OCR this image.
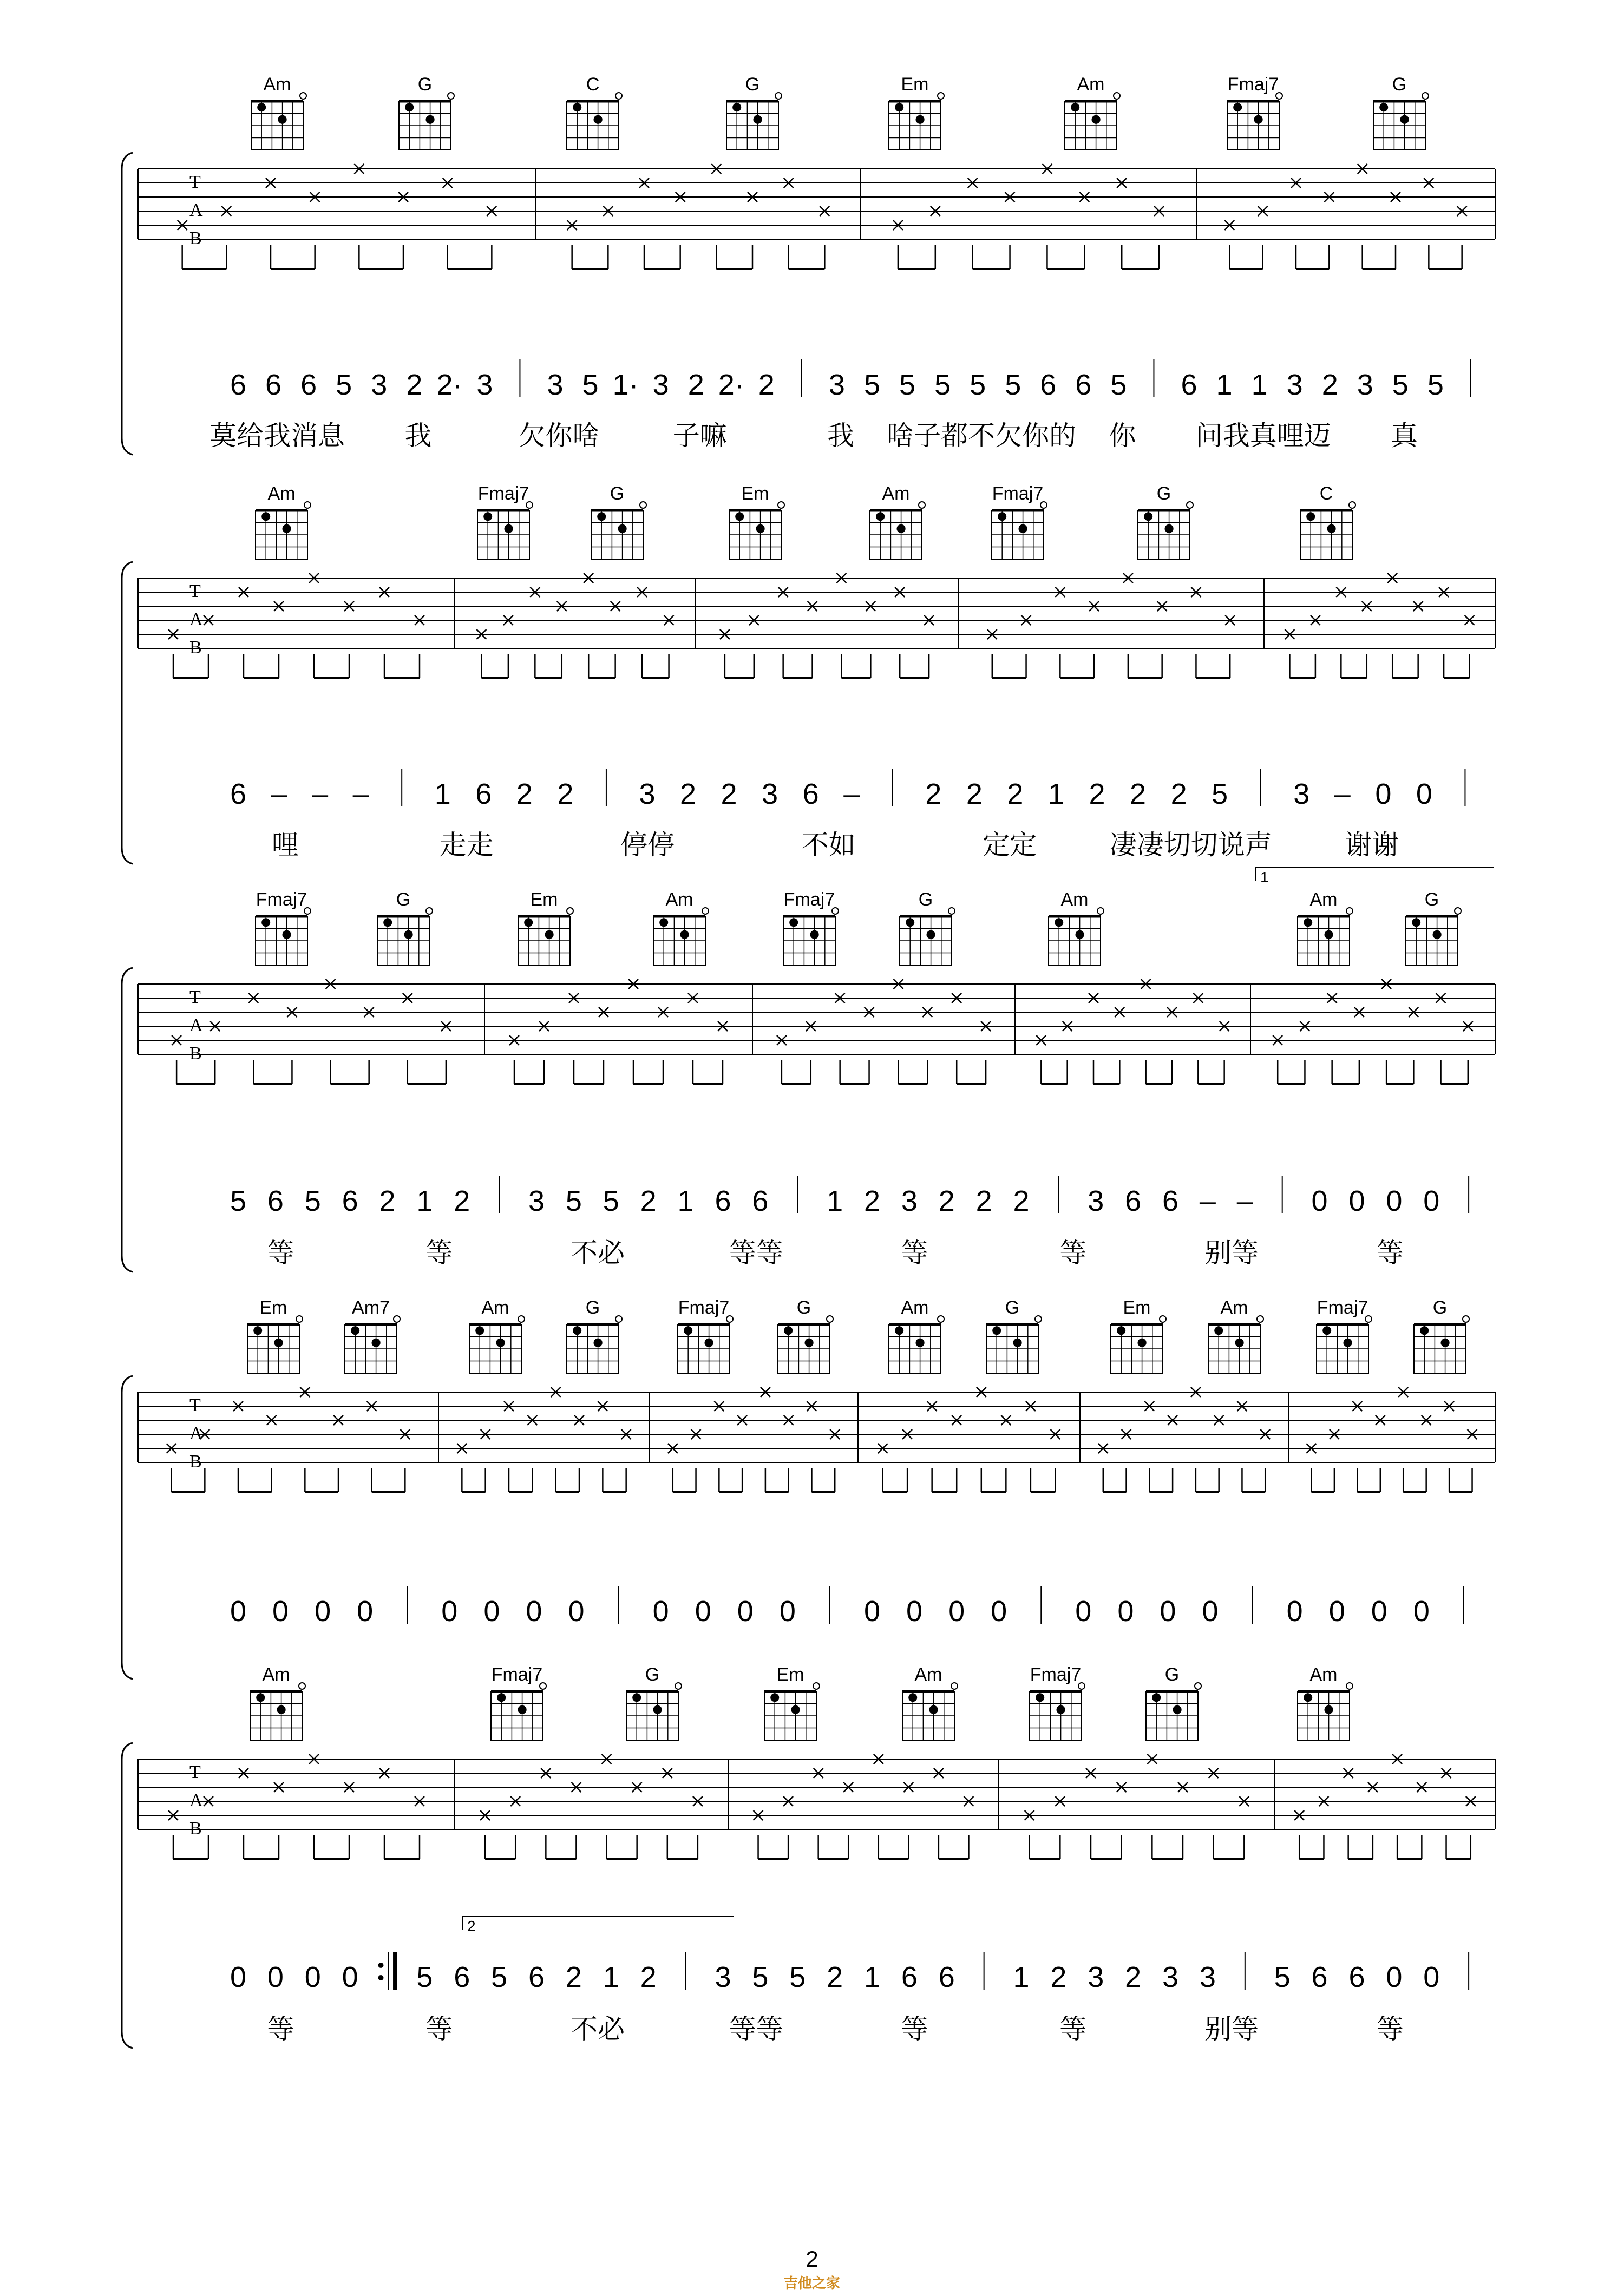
Am	G	C	G	Em	Am	Fmaj7	G
T
A
B
6 6 6 5 3 2 2· 3 3 5 1· 3 2 2· 2 3 5 5 5 5 5 6 6 5 6 1 1 3 2 3 5 5
莫给我消息 我	欠你啥	子嘛	我 啥子都不欠你的 你 问我真哩迈 真
Am	Fmaj7	G	Em	Am	Fmaj7	G	C
T
A
B
6 – – – 1 6 2 2 3 2 2 3 6 – 2 2 2 1 2 2 2 5 3 – 0 0
哩	走走	停停	不如	定定	凄凄切切说声	谢谢
Fmaj7	G	Em	Am	Fmaj7	G	Am	Am	G
T
A
B
1
5 6 5 6 2 1 2 3 5 5 2 1 6 6 1 2 3 2 2 2 3 6 6 – – 0 0 0 0
等	等	不必	等等	等	等	别等	等
Em	Am7	Am	G	Fmaj7	G	Am	G	Em	Am	Fmaj7	G
T
A
B
0 0 0 0 0 0 0 0 0 0 0 0 0 0 0 0 0 0 0 0 0 0 0 0
Am	Fmaj7	G	Em	Am	Fmaj7	G	Am
T
A
B
2
0 0 0 0 5 6 5 6 2 1 2 3 5 5 2 1 6 6 1 2 3 2 3 3 5 6 6 0 0
等	等	不必	等等	等	等	别等	等
2
吉他之家
